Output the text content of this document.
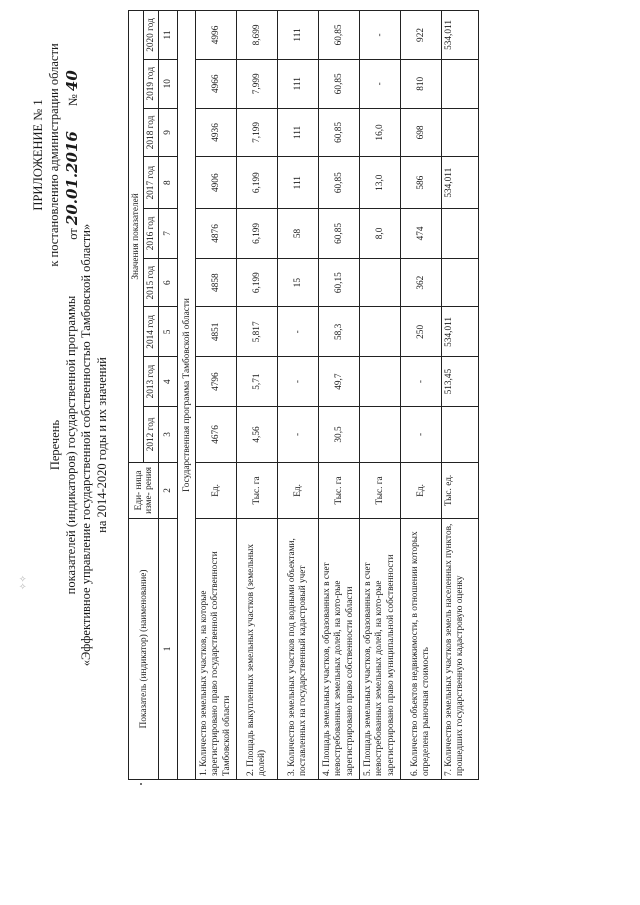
✧✧
ПРИЛОЖЕНИЕ № 1 к постановлению администрации области от 20.01.2016        № 40
Перечень показателей (индикаторов) государственной программы «Эффективное управление государственной собственностью Тамбовской области» на 2014-2020 годы и их значений
Показатель (индикатор) (наименование)	Еди- ница изме- рения	Значения показателей								
		2012 год	2013 год	2014 год	2015 год	2016 год	2017 год	2018 год	2019 год	2020 год
1	2	3	4	5	6	7	8	9	10	11
Государственная программа Тамбовской области										
1. Количество земельных участков, на которые зарегистрировано право государственной собственности Тамбовской области	Ед.	4676	4796	4851	4858	4876	4906	4936	4966	4996
2. Площадь выкупленных земельных участков (земельных долей)	Тыс. га	4,56	5,71	5,817	6,199	6,199	6,199	7,199	7,999	8,699
3. Количество земельных участков под водными объектами, поставленных на государственный кадастровый учет	Ед.	-	-	-	15	58	111	111	111	111
4. Площадь земельных участков, образованных в счет невостребованных земельных долей, на кото-рые зарегистрировано право собственности области	Тыс. га	30,5	49,7	58,3	60,15	60,85	60,85	60,85	60,85	60,85
5. Площадь земельных участков, образованных в счет невостребованных земельных долей, на кото-рые зарегистрировано право муниципальной собственности	Тыс. га					8,0	13,0	16,0	-	-
6. Количество объектов недвижимости, в отношении которых определена рыночная стоимость	Ед.	-	-	250	362	474	586	698	810	922
7. Количество земельных участков земель населенных пунктов, прошедших государственную кадастровую оценку	Тыс. ед.		513,45	534,011			534,011			534,011
